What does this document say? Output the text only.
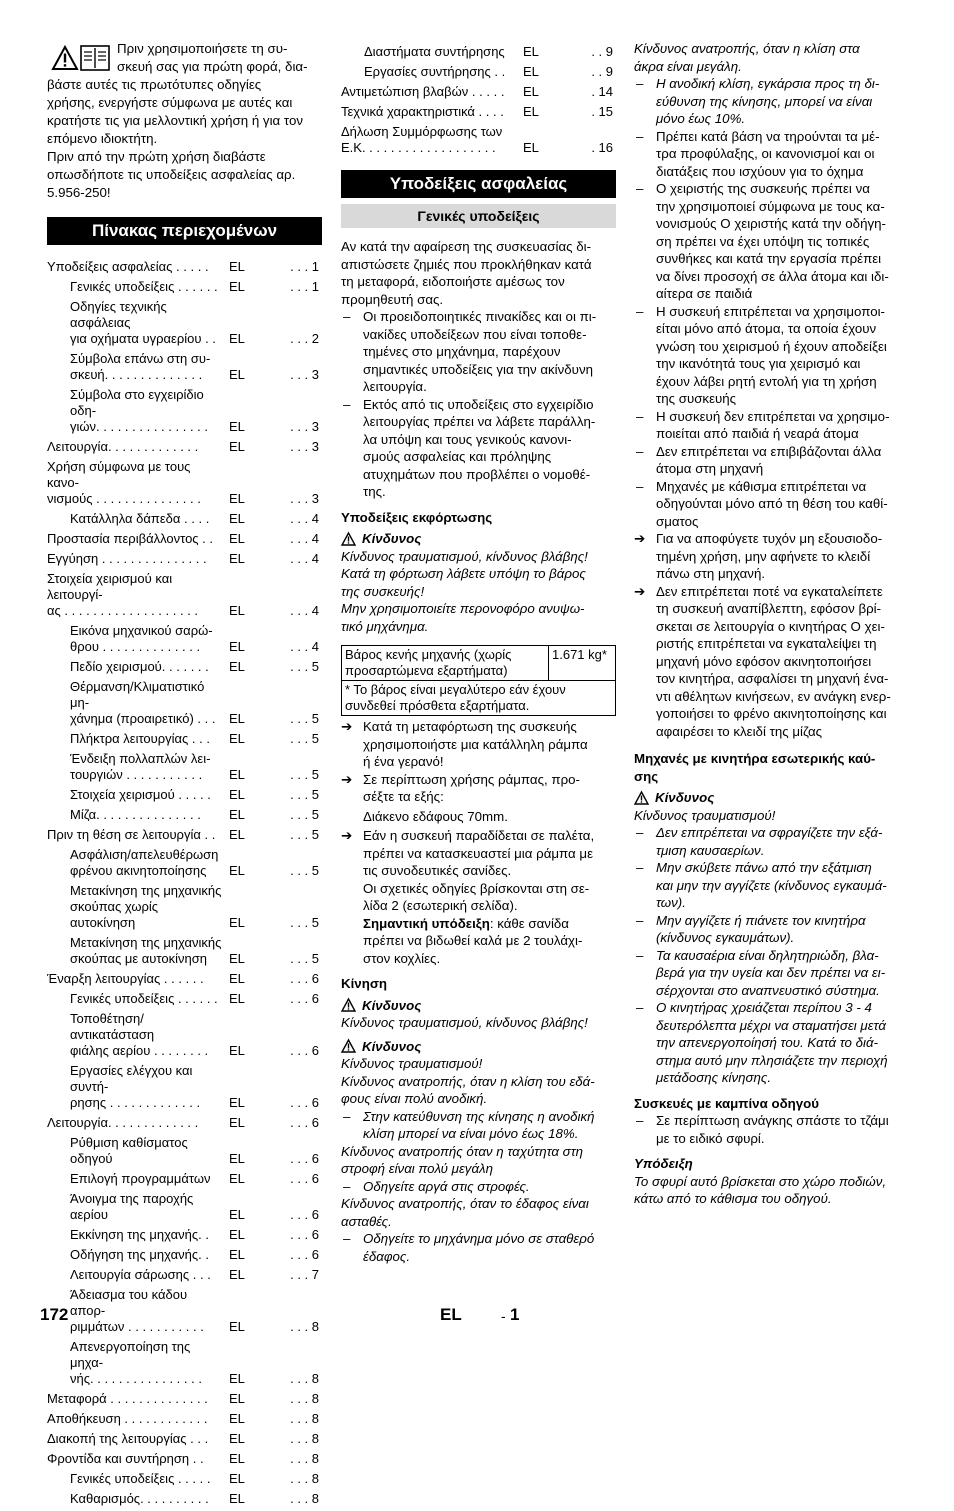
Πριν χρησιμοποιήσετε τη συ-

σκευή σας για πρώτη φορά, δια-

βάστε αυτές τις πρωτότυπες οδηγίες

χρήσης, ενεργήστε σύμφωνα με αυτές και

κρατήστε τις για μελλοντική χρήση ή για τον

επόμενο ιδιοκτήτη.

Πριν από την πρώτη χρήση διαβάστε

οπωσδήποτε τις υποδείξεις ασφαλείας αρ.

5.956-250!

Πίνακας περιεχομένων
Υποδείξεις ασφαλείας . . . . .	EL	. . . 1
Γενικές υποδείξεις . . . . . . EL	. . . 1
Οδηγίες τεχνικής ασφάλειας
για οχήματα υγραερίου . .	EL	. . . 2
Σύμβολα επάνω στη συ-
σκευή. . . . . . . . . . . . . .	EL	. . . 3
Σύμβολα στο εγχειρίδιο οδη-
γιών. . . . . . . . . . . . . . . .	EL	. . . 3
Λειτουργία. . . . . . . . . . . . .	EL	. . . 3
Χρήση σύμφωνα με τους κανο-
νισμούς . . . . . . . . . . . . . . .	EL	. . . 3
Κατάλληλα δάπεδα . . . .	EL	. . . 4
Προστασία περιβάλλοντος . .	EL	. . . 4
Εγγύηση . . . . . . . . . . . . . . .	EL	. . . 4
Στοιχεία χειρισμού και λειτουργί-
ας . . . . . . . . . . . . . . . . . . .	EL	. . . 4
Εικόνα μηχανικού σαρώ-
θρου . . . . . . . . . . . . . .	EL	. . . 4
Πεδίο χειρισμού. . . . . . .	EL	. . . 5
Θέρμανση/Κλιματιστικό μη-
χάνημα (προαιρετικό) . . .	EL	. . . 5
Πλήκτρα λειτουργίας . . .	EL	. . . 5
Ένδειξη πολλαπλών λει-
τουργιών . . . . . . . . . . .	EL	. . . 5
Στοιχεία χειρισμού . . . . .	EL	. . . 5
Μίζα. . . . . . . . . . . . . . .	EL	. . . 5
Πριν τη θέση σε λειτουργία . .	EL	. . . 5
Ασφάλιση/απελευθέρωση
φρένου ακινητοποίησης	EL	. . . 5
Μετακίνηση της μηχανικής
σκούπας χωρίς αυτοκίνηση	EL	. . . 5
Μετακίνηση της μηχανικής
σκούπας με αυτοκίνηση	EL	. . . 5
Έναρξη λειτουργίας . . . . . .	EL	. . . 6
Γενικές υποδείξεις . . . . . . EL	. . . 6
Τοποθέτηση/αντικατάσταση
φιάλης αερίου . . . . . . . .	EL	. . . 6
Εργασίες ελέγχου και συντή-
ρησης . . . . . . . . . . . . .	EL	. . . 6
Λειτουργία. . . . . . . . . . . . .	EL	. . . 6
Ρύθμιση καθίσματος οδηγού	EL	. . . 6
Επιλογή προγραμμάτων	EL	. . . 6
Άνοιγμα της παροχής αερίου	EL	. . . 6
Εκκίνηση της μηχανής. .	EL	. . . 6
Οδήγηση της μηχανής. .	EL	. . . 6
Λειτουργία σάρωσης . . .	EL	. . . 7
Άδειασμα του κάδου απορ-
ριμμάτων . . . . . . . . . . .	EL	. . . 8
Απενεργοποίηση της μηχα-
νής. . . . . . . . . . . . . . . .	EL	. . . 8
Μεταφορά . . . . . . . . . . . . . .	EL	. . . 8
Αποθήκευση . . . . . . . . . . . .	EL	. . . 8
Διακοπή της λειτουργίας . . .	EL	. . . 8
Φροντίδα και συντήρηση . .	EL	. . . 8
Γενικές υποδείξεις . . . . .	EL	. . . 8
Καθαρισμός. . . . . . . . . .	EL	. . . 8
Διαστήματα συντήρησης	EL	. . 9
Εργασίες συντήρησης . .	EL	. . 9
Αντιμετώπιση βλαβών . . . . .	EL	. 14
Τεχνικά χαρακτηριστικά . . . .	EL	. 15
Δήλωση Συμμόρφωσης των
Ε.Κ. . . . . . . . . . . . . . . . . . .	EL	. 16
Υποδείξεις ασφαλείας
Γενικές υποδείξεις

Αν κατά την αφαίρεση της συσκευασίας δι-

απιστώσετε ζημιές που προκλήθηκαν κατά

τη μεταφορά, ειδοποιήστε αμέσως τον

προμηθευτή σας.

– Οι προειδοποιητικές πινακίδες και οι πι-

νακίδες υποδείξεων που είναι τοποθε-

τημένες στο μηχάνημα, παρέχουν

σημαντικές υποδείξεις για την ακίνδυνη

λειτουργία.

– Εκτός από τις υποδείξεις στο εγχειρίδιο

λειτουργίας πρέπει να λάβετε παράλλη-

λα υπόψη και τους γενικούς κανονι-

σμούς ασφαλείας και πρόληψης

ατυχημάτων που προβλέπει ο νομοθέ-

της.

Υποδείξεις εκφόρτωσης

Κίνδυνος

Κίνδυνος τραυματισμού, κίνδυνος βλάβης!

Κατά τη φόρτωση λάβετε υπόψη το βάρος

της συσκευής!

Μην χρησιμοποιείτε περονοφόρο ανυψω-

τικό μηχάνημα.

Βάρος κενής μηχανής (χωρίς
προσαρτώμενα εξαρτήματα)	1.671 kg*
* Το βάρος είναι μεγαλύτερο εάν έχουν
συνδεθεί πρόσθετα εξαρτήματα.
➔ Κατά τη μεταφόρτωση της συσκευής

χρησιμοποιήστε μια κατάλληλη ράμπα

ή ένα γερανό!

➔ Σε περίπτωση χρήσης ράμπας, προ-

σέξτε τα εξής:

Διάκενο εδάφους 70mm.

➔ Εάν η συσκευή παραδίδεται σε παλέτα,

πρέπει να κατασκευαστεί μια ράμπα με

τις συνοδευτικές σανίδες.

Οι σχετικές οδηγίες βρίσκονται στη σε-

λίδα 2 (εσωτερική σελίδα).

Σημαντική υπόδειξη: κάθε σανίδα

πρέπει να βιδωθεί καλά με 2 τουλάχι-

στον κοχλίες.

Κίνηση

Κίνδυνος

Κίνδυνος τραυματισμού, κίνδυνος βλάβης!

Κίνδυνος

Κίνδυνος τραυματισμού!

Κίνδυνος ανατροπής, όταν η κλίση του εδά-

φους είναι πολύ ανοδική.

– Στην κατεύθυνση της κίνησης η ανοδική

κλίση μπορεί να είναι μόνο έως 18%.

Κίνδυνος ανατροπής όταν η ταχύτητα στη

στροφή είναι πολύ μεγάλη

– Οδηγείτε αργά στις στροφές.

Κίνδυνος ανατροπής, όταν το έδαφος είναι

ασταθές.

– Οδηγείτε το μηχάνημα μόνο σε σταθερό

έδαφος.

Κίνδυνος ανατροπής, όταν η κλίση στα

άκρα είναι μεγάλη.

– Η ανοδική κλίση, εγκάρσια προς τη δι-

εύθυνση της κίνησης, μπορεί να είναι

μόνο έως 10%.

– Πρέπει κατά βάση να τηρούνται τα μέ-

τρα προφύλαξης, οι κανονισμοί και οι

διατάξεις που ισχύουν για το όχημα

– Ο χειριστής της συσκευής πρέπει να

την χρησιμοποιεί σύμφωνα με τους κα-

νονισμούς Ο χειριστής κατά την οδήγη-

ση πρέπει να έχει υπόψη τις τοπικές

συνθήκες και κατά την εργασία πρέπει

να δίνει προσοχή σε άλλα άτομα και ιδι-

αίτερα σε παιδιά

– Η συσκευή επιτρέπεται να χρησιμοποι-

είται μόνο από άτομα, τα οποία έχουν

γνώση του χειρισμού ή έχουν αποδείξει

την ικανότητά τους για χειρισμό και

έχουν λάβει ρητή εντολή για τη χρήση

της συσκευής

– Η συσκευή δεν επιτρέπεται να χρησιμο-

ποιείται από παιδιά ή νεαρά άτομα

– Δεν επιτρέπεται να επιβιβάζονται άλλα

άτομα στη μηχανή

– Μηχανές με κάθισμα επιτρέπεται να

οδηγούνται μόνο από τη θέση του καθί-

σματος

➔ Για να αποφύγετε τυχόν μη εξουσιοδο-

τημένη χρήση, μην αφήνετε το κλειδί

πάνω στη μηχανή.

➔ Δεν επιτρέπεται ποτέ να εγκαταλείπετε

τη συσκευή αναπίβλεπτη, εφόσον βρί-

σκεται σε λειτουργία ο κινητήρας Ο χει-

ριστής επιτρέπεται να εγκαταλείψει τη

μηχανή μόνο εφόσον ακινητοποιήσει

τον κινητήρα, ασφαλίσει τη μηχανή ένα-

ντι αθέλητων κινήσεων, εν ανάγκη ενερ-

γοποιήσει το φρένο ακινητοποίησης και

αφαιρέσει το κλειδί της μίζας

Μηχανές με κινητήρα εσωτερικής καύ-

σης

Κίνδυνος

Κίνδυνος τραυματισμού!

– Δεν επιτρέπεται να σφραγίζετε την εξά-

τμιση καυσαερίων.

– Μην σκύβετε πάνω από την εξάτμιση

και μην την αγγίζετε (κίνδυνος εγκαυμά-

των).

– Μην αγγίζετε ή πιάνετε τον κινητήρα

(κίνδυνος εγκαυμάτων).

– Τα καυσαέρια είναι δηλητηριώδη, βλα-

βερά για την υγεία και δεν πρέπει να ει-

σέρχονται στο αναπνευστικό σύστημα.

– Ο κινητήρας χρειάζεται περίπου 3 - 4

δευτερόλεπτα μέχρι να σταματήσει μετά

την απενεργοποίησή του. Κατά το διά-

στημα αυτό μην πλησιάζετε την περιοχή

μετάδοσης κίνησης.

Συσκευές με καμπίνα οδηγού

– Σε περίπτωση ανάγκης σπάστε το τζάμι

με το ειδικό σφυρί.

Υπόδειξη

Το σφυρί αυτό βρίσκεται στο χώρο ποδιών,

κάτω από το κάθισμα του οδηγού.

172	EL	- 1
